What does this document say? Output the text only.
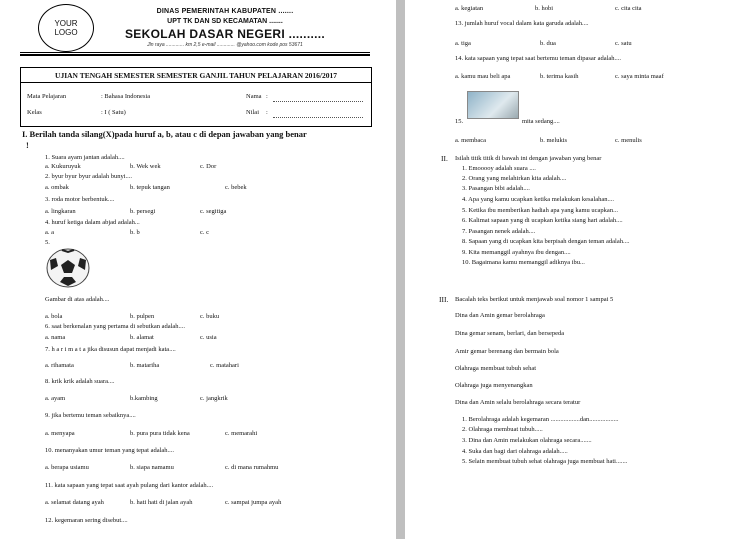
YOUR
LOGO
DINAS PEMERINTAH KABUPATEN .......
UPT TK DAN SD KECAMATAN .......
SEKOLAH DASAR NEGERI ..........
Jln raya ............. km 2,5 e-mail ............. @yahoo.com kode pos 53671
UJIAN TENGAH SEMESTER SEMESTER GANJIL TAHUN PELAJARAN 2016/2017
Mata Pelajaran	: Bahasa Indonesia	Nama :
Kelas	: I ( Satu)	Nilai :
I. Berilah tanda silang(X)pada huruf a, b, atau c di depan jawaban yang benar
!
1. Suara ayam jantan adalah....
a. Kukuruyuk	b. Wek wek	c. Dor
2. byur byur byur adalah bunyi....
a. ombak	b. tepuk tangan	c. bebek
3. roda motor berbentuk....
a. lingkaran	b. persegi	c. segitiga
4. huruf ketiga dalam abjad adalah...
a. a	b. b	c. c
5.
Gambar di atas adalah....
a. bola	b. pulpen	c. buku
6. saat berkenalan yang pertama di sebutkan adalah....
a. nama	b. alamat	c. usia
7. h a r i m a t a jika disusun dapat menjadi kata....
a. rihamata	b. matariha	c. matahari
8. krik krik adalah suara....
a. ayam	b.kambing	c. jangkrik
9. jika bertemu teman sebaiknya....
a. menyapa	b. pura pura tidak kena	c. memarahi
10. menanyakan umur teman yang tepat adalah....
a. berapa usiamu	b. siapa namamu	c. di mana rumahmu
11. kata sapaan yang tepat saat ayah pulang dari kantor adalah....
a. selamat datang ayah	b. hati hati di jalan ayah	c. sampai jumpa ayah
12. kegemaran sering disebut....
a. kegiatan	b. hobi	c. cita cita
13. jumlah huruf vocal dalam kata garuda adalah....
a. tiga	b. dua	c. satu
14. kata sapaan yang tepat saat bertemu teman dipasar adalah....
a. kamu mau beli apa	b. terima kasih	c. saya minta maaf
15.	mita sedang....
a. membaca	b. melukis	c. menulis
II. Isilah titik titik di bawah ini dengan jawaban yang benar
1. Emooooy adalah suara ....
2. Orang yang melahirkan kita adalah....
3. Pasangan bibi adalah....
4. Apa yang kamu ucapkan ketika melakukan kesalahan....
5. Ketika ibu memberikan hadiah apa yang kamu ucapkan...
6. Kalimat sapaan yang di ucapkan ketika siang hari adalah....
7. Pasangan nenek adalah....
8. Sapaan yang di ucapkan kita berpisah dengan teman adalah....
9. Kita memanggil ayahnya ibu dengan....
10. Bagaimana kamu memanggil adiknya ibu...
III. Bacalah teks berikut untuk menjawab soal nomor 1 sampai 5
Dina dan Amin gemar berolahraga
Dina gemar senam, berlari, dan bersepeda
Amir gemar berenang dan bermain bola
Olahraga membuat tubuh sehat
Olahraga juga menyenangkan
Dina dan Amin selalu berolahraga secara teratur
1. Berolahraga adalah kegemaran ..................dan..................
2. Olahraga membuat tubuh.....
3. Dina dan Amin melakukan olahraga secara.......
4. Suka dan bagi dari olahraga adalah.....
5. Selain membuat tubuh sehat olahraga juga membuat hati.......
